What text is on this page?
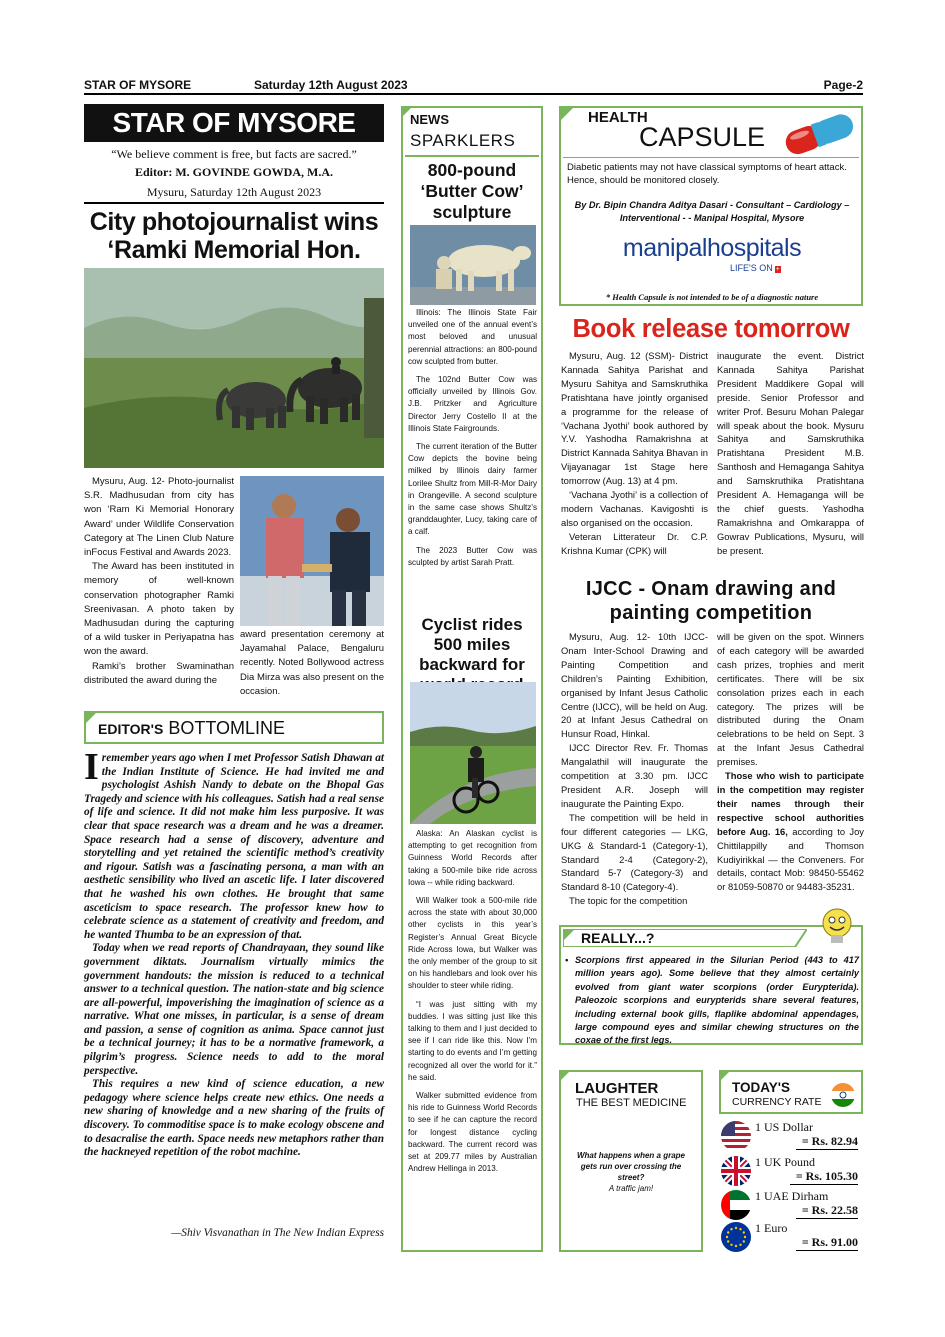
STAR OF MYSORE	Saturday 12th August 2023	Page-2
STAR OF MYSORE
“We believe comment is free, but facts are sacred.”
Editor: M. GOVINDE GOWDA, M.A.
Mysuru, Saturday 12th August 2023
City photojournalist wins
‘Ramki Memorial Hon.

Mysuru, Aug. 12- Photo-journalist S.R. Madhusudan from city has won ‘Ram Ki Memorial Honorary Award’ under Wildlife Conservation Category at The Linen Club Nature inFocus Festival and Awards 2023.

The Award has been instituted in memory of well-known conservation photographer Ramki Sreenivasan. A photo taken by Madhusudan during the capturing of a wild tusker in Periyapatna has won the award.

Ramki’s brother Swaminathan distributed the award during the

award presentation ceremony at Jayamahal Palace, Bengaluru recently. Noted Bollywood actress Dia Mirza was also present on the occasion.

EDITOR'S BOTTOMLINE
I remember years ago when I met Professor Satish Dhawan at the Indian Institute of Science. He had invited me and psychologist Ashish Nandy to debate on the Bhopal Gas Tragedy and science with his colleagues. Satish had a real sense of life and science. It did not make him less purposive. It was clear that space research was a dream and he was a dreamer. Space research had a sense of discovery, adventure and storytelling and yet retained the scientific method’s creativity and rigour. Satish was a fascinating persona, a man with an aesthetic sensibility who lived an ascetic life. I later discovered that he washed his own clothes. He brought that same asceticism to space research. The professor knew how to celebrate science as a statement of creativity and freedom, and he wanted Thumba to be an expression of that.

Today when we read reports of Chandrayaan, they sound like government diktats. Journalism virtually mimics the government handouts: the mission is reduced to a technical answer to a technical question. The nation-state and big science are all-powerful, impoverishing the imagination of science as a narrative. What one misses, in particular, is a sense of dream and passion, a sense of cognition as anima. Space cannot just be a technical journey; it has to be a normative framework, a pilgrim’s progress. Science needs to add to the moral perspective.

This requires a new kind of science education, a new pedagogy where science helps create new ethics. One needs a new sharing of knowledge and a new sharing of the fruits of discovery. To commoditise space is to make ecology obscene and to desacralise the earth. Space needs new metaphors rather than the hackneyed repetition of the robot machine.

—Shiv Visvanathan in The New Indian Express
NEWS
SPARKLERS
800-pound ‘Butter Cow’ sculpture

Illinois: The Illinois State Fair unveiled one of the annual event’s most beloved and unusual perennial attractions: an 800-pound cow sculpted from butter.

The 102nd Butter Cow was officially unveiled by Illinois Gov. J.B. Pritzker and Agriculture Director Jerry Costello II at the Illinois State Fairgrounds.

The current iteration of the Butter Cow depicts the bovine being milked by Illinois dairy farmer Lorilee Shultz from Mill-R-Mor Dairy in Orangeville. A second sculpture in the same case shows Shultz’s granddaughter, Lucy, taking care of a calf.

The 2023 Butter Cow was sculpted by artist Sarah Pratt.

Cyclist rides 500 miles backward for

Alaska: An Alaskan cyclist is attempting to get recognition from Guinness World Records after taking a 500-mile bike ride across Iowa -- while riding backward.

Will Walker took a 500-mile ride across the state with about 30,000 other cyclists in this year’s Register’s Annual Great Bicycle Ride Across Iowa, but Walker was the only member of the group to sit on his handlebars and look over his shoulder to steer while riding.

“I was just sitting with my buddies. I was sitting just like this talking to them and I just decided to see if I can ride like this. Now I’m starting to do events and I’m getting recognized all over the world for it.” he said.

Walker submitted evidence from his ride to Guinness World Records to see if he can capture the record for longest distance cycling backward. The current record was set at 209.77 miles by Australian Andrew Hellinga in 2013.

HEALTH
CAPSULE
Diabetic patients may not have classical symptoms of heart attack. Hence, should be monitored closely.
By Dr. Bipin Chandra Aditya Dasari - Consultant – Cardiology – Interventional - - Manipal Hospital, Mysore
manipalhospitals
LIFE'S ON +
* Health Capsule is not intended to be of a diagnostic nature
Book release tomorrow

Mysuru, Aug. 12 (SSM)- District Kannada Sahitya Parishat and Mysuru Sahitya and Samskruthika Pratishtana have jointly organised a programme for the release of ‘Vachana Jyothi’ book authored by Y.V. Yashodha Ramakrishna at District Kannada Sahitya Bhavan in Vijayanagar 1st Stage here tomorrow (Aug. 13) at 4 pm.

‘Vachana Jyothi’ is a collection of modern Vachanas. Kavigoshti is also organised on the occasion.

Veteran Litterateur Dr. C.P. Krishna Kumar (CPK) will

inaugurate the event. District Kannada Sahitya Parishat President Maddikere Gopal will preside. Senior Professor and writer Prof. Besuru Mohan Palegar will speak about the book. Mysuru Sahitya and Samskruthika Pratishtana President M.B. Santhosh and Hemaganga Sahitya and Samskruthika Pratishtana President A. Hemaganga will be the chief guests. Yashodha Ramakrishna and Omkarappa of Gowrav Publications, Mysuru, will be present.

IJCC - Onam drawing and
painting competition

Mysuru, Aug. 12- 10th IJCC-Onam Inter-School Drawing and Painting Competition and Children’s Painting Exhibition, organised by Infant Jesus Catholic Centre (IJCC), will be held on Aug. 20 at Infant Jesus Cathedral on Hunsur Road, Hinkal.

IJCC Director Rev. Fr. Thomas Mangalathil will inaugurate the competition at 3.30 pm. IJCC President A.R. Joseph will inaugurate the Painting Expo.

The competition will be held in four different categories — LKG, UKG & Standard-1 (Category-1), Standard 2-4 (Category-2), Standard 5-7 (Category-3) and Standard 8-10 (Category-4).

The topic for the competition

will be given on the spot. Winners of each category will be awarded cash prizes, trophies and merit certificates. There will be six consolation prizes each in each category. The prizes will be distributed during the Onam celebrations to be held on Sept. 3 at the Infant Jesus Cathedral premises.

Those who wish to participate in the competition may register their names through their respective school authorities before Aug. 16, according to Joy Chittilappilly and Thomson Kudiyirikkal — the Conveners. For details, contact Mob: 98450-55462 or 81059-50870 or 94483-35231.

REALLY...?
• Scorpions first appeared in the Silurian Period (443 to 417 million years ago). Some believe that they almost certainly evolved from giant water scorpions (order Eurypterida). Paleozoic scorpions and eurypterids share several features, including external book gills, flaplike abdominal appendages, large compound eyes and similar chewing structures on the coxae of the first legs.
LAUGHTER
THE BEST MEDICINE
What happens when a grape gets run over crossing the street?
A traffic jam!
TODAY'S
CURRENCY RATE
1 US Dollar
= Rs. 82.94
1 UK Pound
= Rs. 105.30
1 UAE Dirham
= Rs. 22.58
1 Euro
= Rs. 91.00
